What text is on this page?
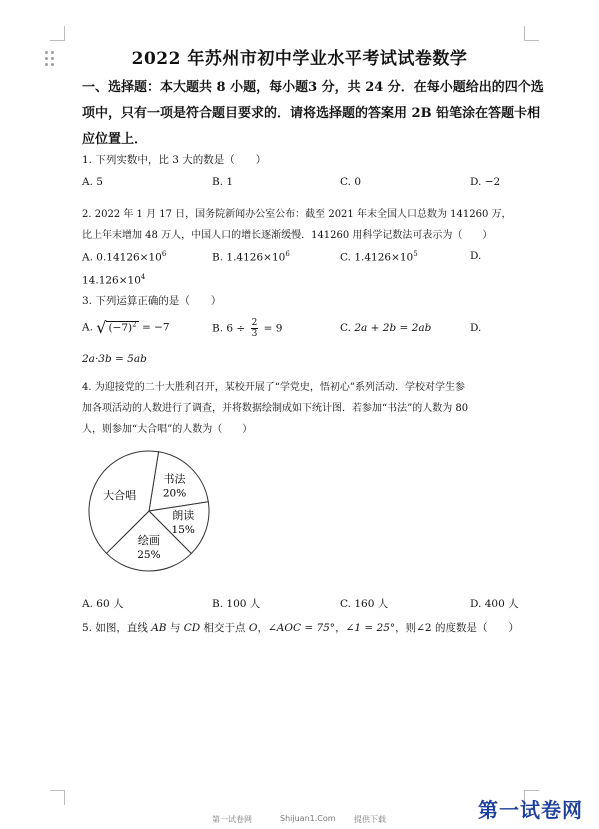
2022 年苏州市初中学业水平考试试卷数学
一、选择题：本大题共 8 小题，每小题3 分，共 24 分．在每小题给出的四个选
项中，只有一项是符合题目要求的．请将选择题的答案用 2B 铅笔涂在答题卡相
应位置上．
1. 下列实数中，比 3 大的数是（　　）
A. 5	B. 1	C. 0	D. −2
2. 2022 年 1 月 17 日，国务院新闻办公室公布：截至 2021 年末全国人口总数为 141260 万，
比上年末增加 48 万人，中国人口的增长逐渐缓慢．141260 用科学记数法可表示为（　　）
A. $0.14126\times 10^6$	B. $1.4126\times 10^6$	C. $1.4126\times 10^5$	D.
$14.126\times 10^4$
3. 下列运算正确的是（　　）
A. √ $(-7)^2 = -7$	B. $6 \div \frac{2}{3} = 9$	C. 2a + 2b = 2ab	D.
2a·3b = 5ab
4. 为迎接党的二十大胜利召开，某校开展了“学党史，悟初心”系列活动．学校对学生参
加各项活动的人数进行了调查，并将数据绘制成如下统计图．若参加“书法”的人数为 80
人，则参加“大合唱”的人数为（　　）
书法
20%
朗读
15%
绘画
25%
大合唱
A. 60 人	B. 100 人	C. 160 人	D. 400 人
5. 如图，直线 AB 与 CD 相交于点 O，∠AOC = 75°，∠1 = 25°，则∠2 的度数是（　　）
第一试卷网	Shijuan1.Com 提供下载	第一试卷网
